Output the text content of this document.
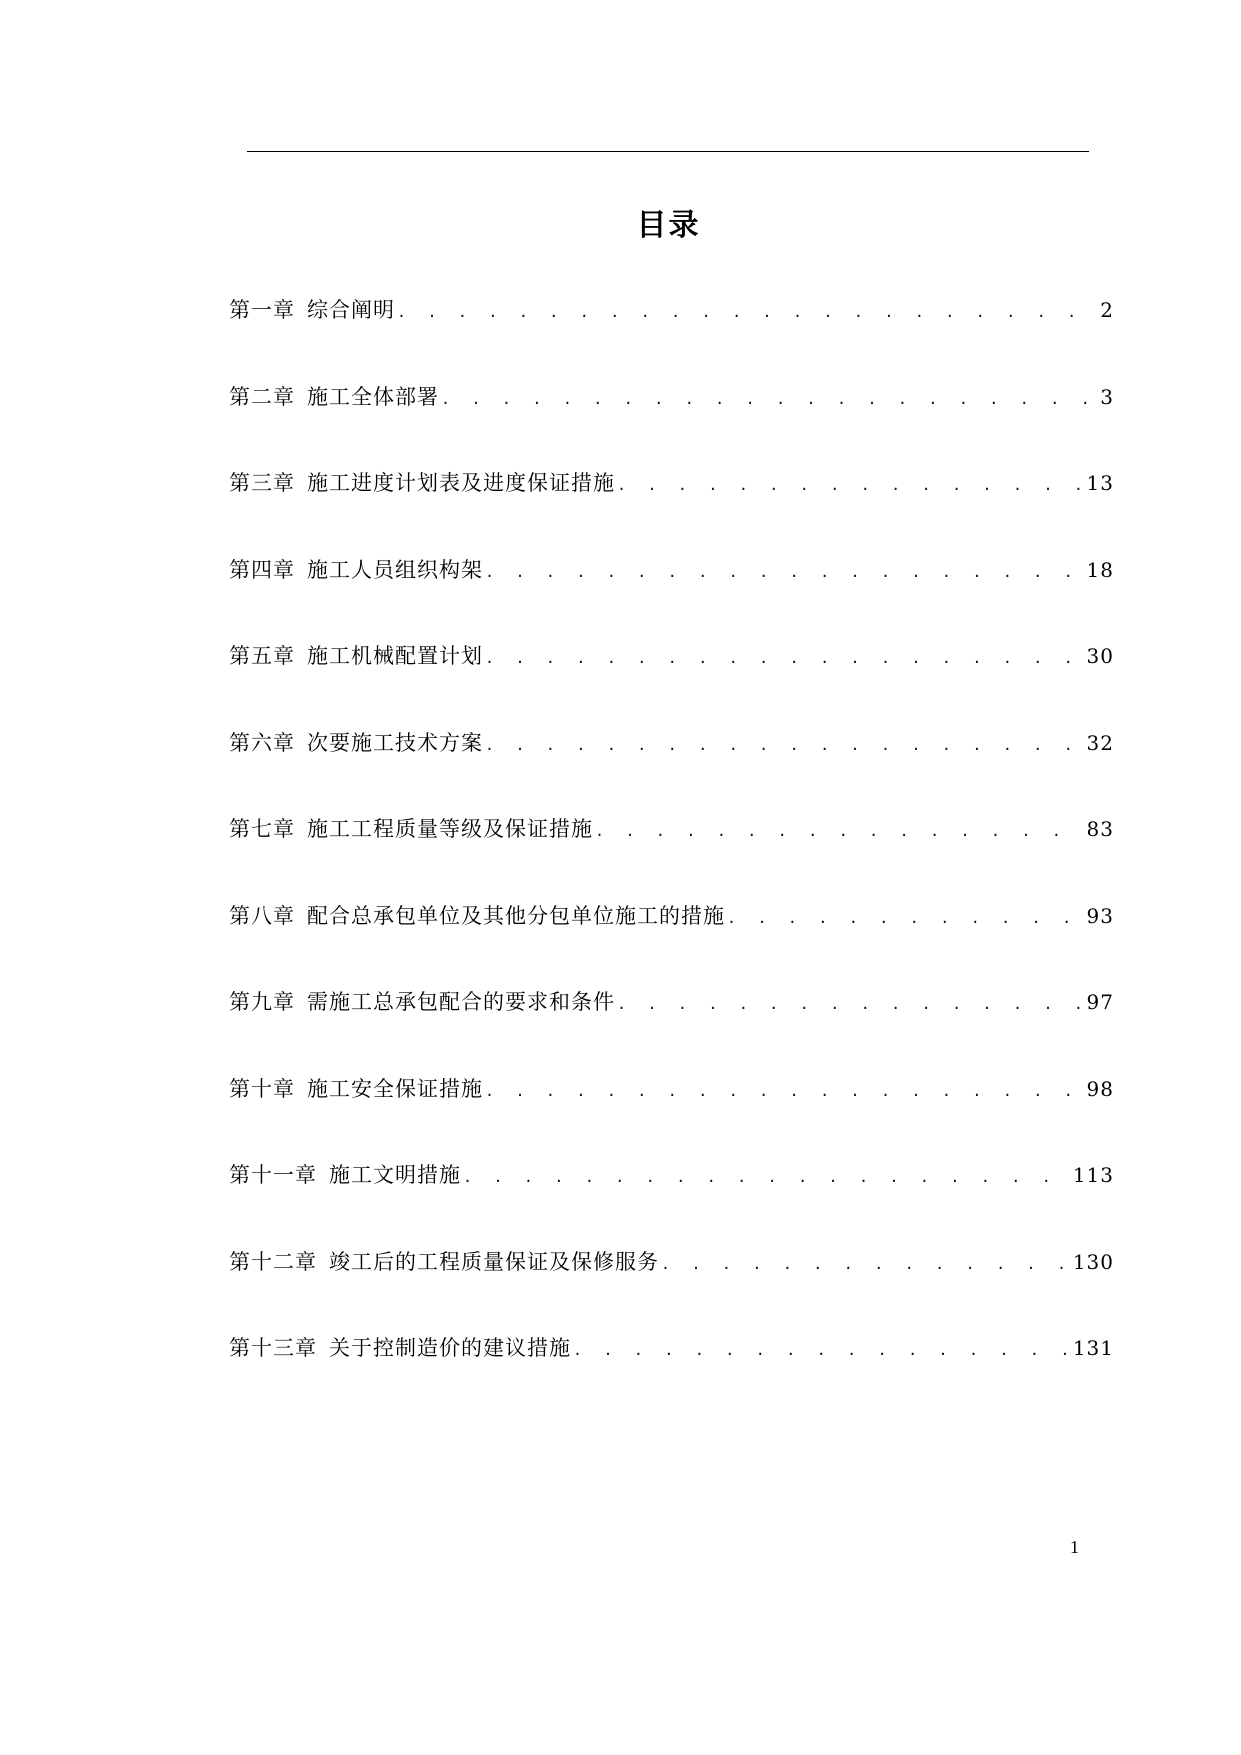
目录
第一章 综合阐明 . . .	2
第二章 施工全体部署 . . .	3
第三章 施工进度计划表及进度保证措施 . . .	13
第四章 施工人员组织构架 . . .	18
第五章 施工机械配置计划 . . .	30
第六章 次要施工技术方案 . . .	32
第七章 施工工程质量等级及保证措施 . . .	83
第八章 配合总承包单位及其他分包单位施工的措施 . . .	93
第九章 需施工总承包配合的要求和条件 . . .	97
第十章 施工安全保证措施 . . .	98
第十一章 施工文明措施 . . .	113
第十二章 竣工后的工程质量保证及保修服务 . . .	130
第十三章 关于控制造价的建议措施 . . .	131
1
